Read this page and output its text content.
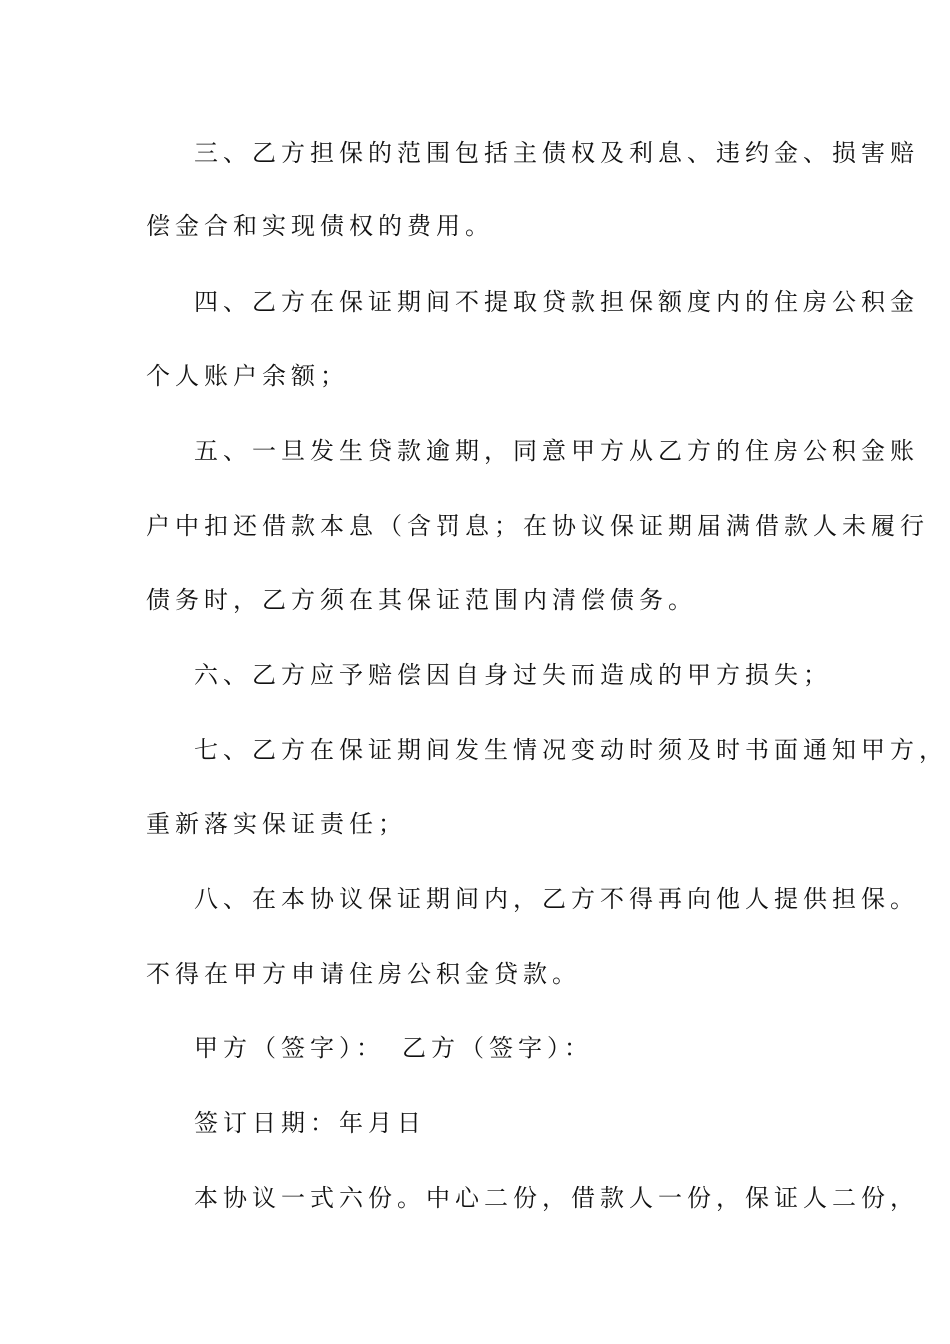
三、乙方担保的范围包括主债权及利息、违约金、损害赔
偿金合和实现债权的费用。
四、乙方在保证期间不提取贷款担保额度内的住房公积金
个人账户余额；
五、一旦发生贷款逾期，同意甲方从乙方的住房公积金账
户中扣还借款本息（含罚息；在协议保证期届满借款人未履行
债务时，乙方须在其保证范围内清偿债务。
六、乙方应予赔偿因自身过失而造成的甲方损失；
七、乙方在保证期间发生情况变动时须及时书面通知甲方，
重新落实保证责任；
八、在本协议保证期间内，乙方不得再向他人提供担保。
不得在甲方申请住房公积金贷款。
甲方（签字）：　乙方（签字）：
签订日期：年月日
本协议一式六份。中心二份，借款人一份，保证人二份，
